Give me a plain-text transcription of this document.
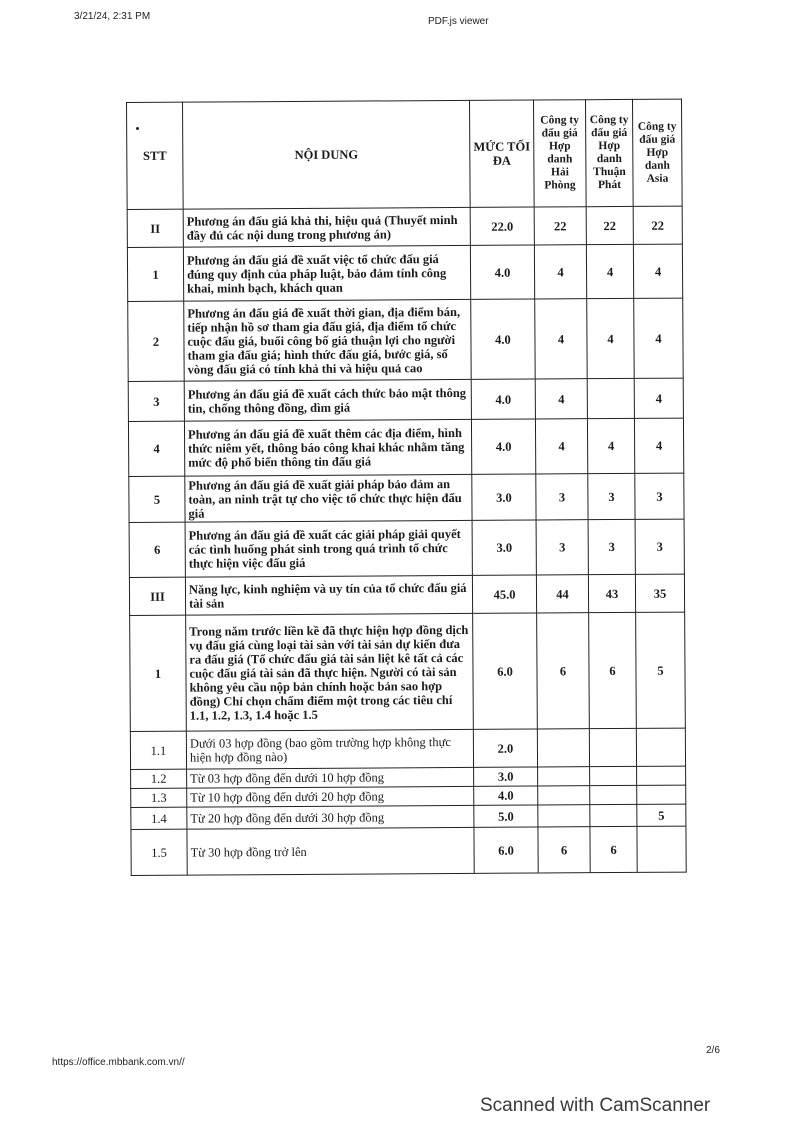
3/21/24, 2:31 PM	PDF.js viewer
STT	NỘI DUNG	MỨC TỐI ĐA	Công ty đấu giá Hợp danh Hải Phòng	Công ty đấu giá Hợp danh Thuận Phát	Công ty đấu giá Hợp danh Asia
II	Phương án đấu giá khả thi, hiệu quả (Thuyết minh đầy đủ các nội dung trong phương án)	22.0	22	22	22
1	Phương án đấu giá đề xuất việc tổ chức đấu giá đúng quy định của pháp luật, bảo đảm tính công khai, minh bạch, khách quan	4.0	4	4	4
2	Phương án đấu giá đề xuất thời gian, địa điểm bán, tiếp nhận hồ sơ tham gia đấu giá, địa điểm tổ chức cuộc đấu giá, buổi công bố giá thuận lợi cho người tham gia đấu giá; hình thức đấu giá, bước giá, số vòng đấu giá có tính khả thi và hiệu quả cao	4.0	4	4	4
3	Phương án đấu giá đề xuất cách thức bảo mật thông tin, chống thông đồng, dìm giá	4.0	4		4
4	Phương án đấu giá đề xuất thêm các địa điểm, hình thức niêm yết, thông báo công khai khác nhằm tăng mức độ phổ biến thông tin đấu giá	4.0	4	4	4
5	Phương án đấu giá đề xuất giải pháp bảo đảm an toàn, an ninh trật tự cho việc tổ chức thực hiện đấu giá	3.0	3	3	3
6	Phương án đấu giá đề xuất các giải pháp giải quyết các tình huống phát sinh trong quá trình tổ chức thực hiện việc đấu giá	3.0	3	3	3
III	Năng lực, kinh nghiệm và uy tín của tổ chức đấu giá tài sản	45.0	44	43	35
1	Trong năm trước liền kề đã thực hiện hợp đồng dịch vụ đấu giá cùng loại tài sản với tài sản dự kiến đưa ra đấu giá (Tổ chức đấu giá tài sản liệt kê tất cả các cuộc đấu giá tài sản đã thực hiện. Người có tài sản không yêu cầu nộp bản chính hoặc bản sao hợp đồng) Chỉ chọn chấm điểm một trong các tiêu chí 1.1, 1.2, 1.3, 1.4 hoặc 1.5	6.0	6	6	5
1.1	Dưới 03 hợp đồng (bao gồm trường hợp không thực hiện hợp đồng nào)	2.0			
1.2	Từ 03 hợp đồng đến dưới 10 hợp đồng	3.0			
1.3	Từ 10 hợp đồng đến dưới 20 hợp đồng	4.0			
1.4	Từ 20 hợp đồng đến dưới 30 hợp đồng	5.0			5
1.5	Từ 30 hợp đồng trở lên	6.0	6	6	
https://office.mbbank.com.vn//
2/6
Scanned with CamScanner
